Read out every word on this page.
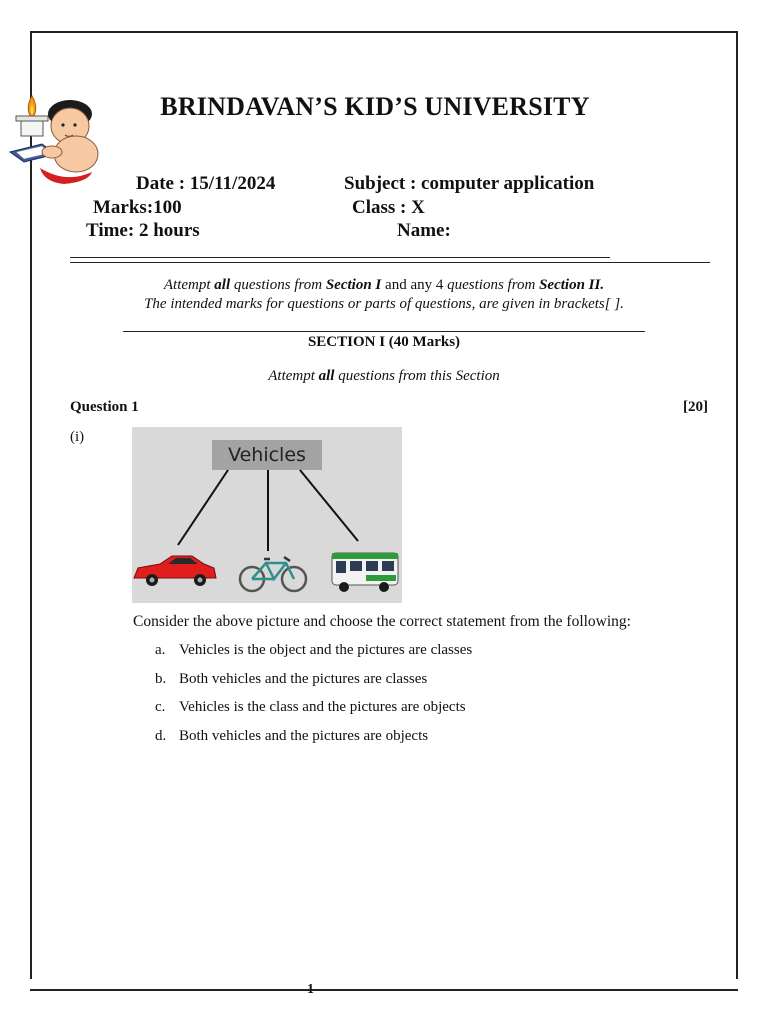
BRINDAVAN’S KID’S UNIVERSITY
Date : 15/11/2024	Subject : computer application
Marks:100	Class : X
Time: 2 hours	Name:
Attempt all questions from Section I and any 4 questions from Section II.
The intended marks for questions or parts of questions, are given in brackets[ ].
SECTION I (40 Marks)
Attempt all questions from this Section
Question 1	[20]
(i)
Vehicles
Consider the above picture and choose the correct statement from the following:
a. Vehicles is the object and the pictures are classes
b. Both vehicles and the pictures are classes
c. Vehicles is the class and the pictures are objects
d. Both vehicles and the pictures are objects
1
